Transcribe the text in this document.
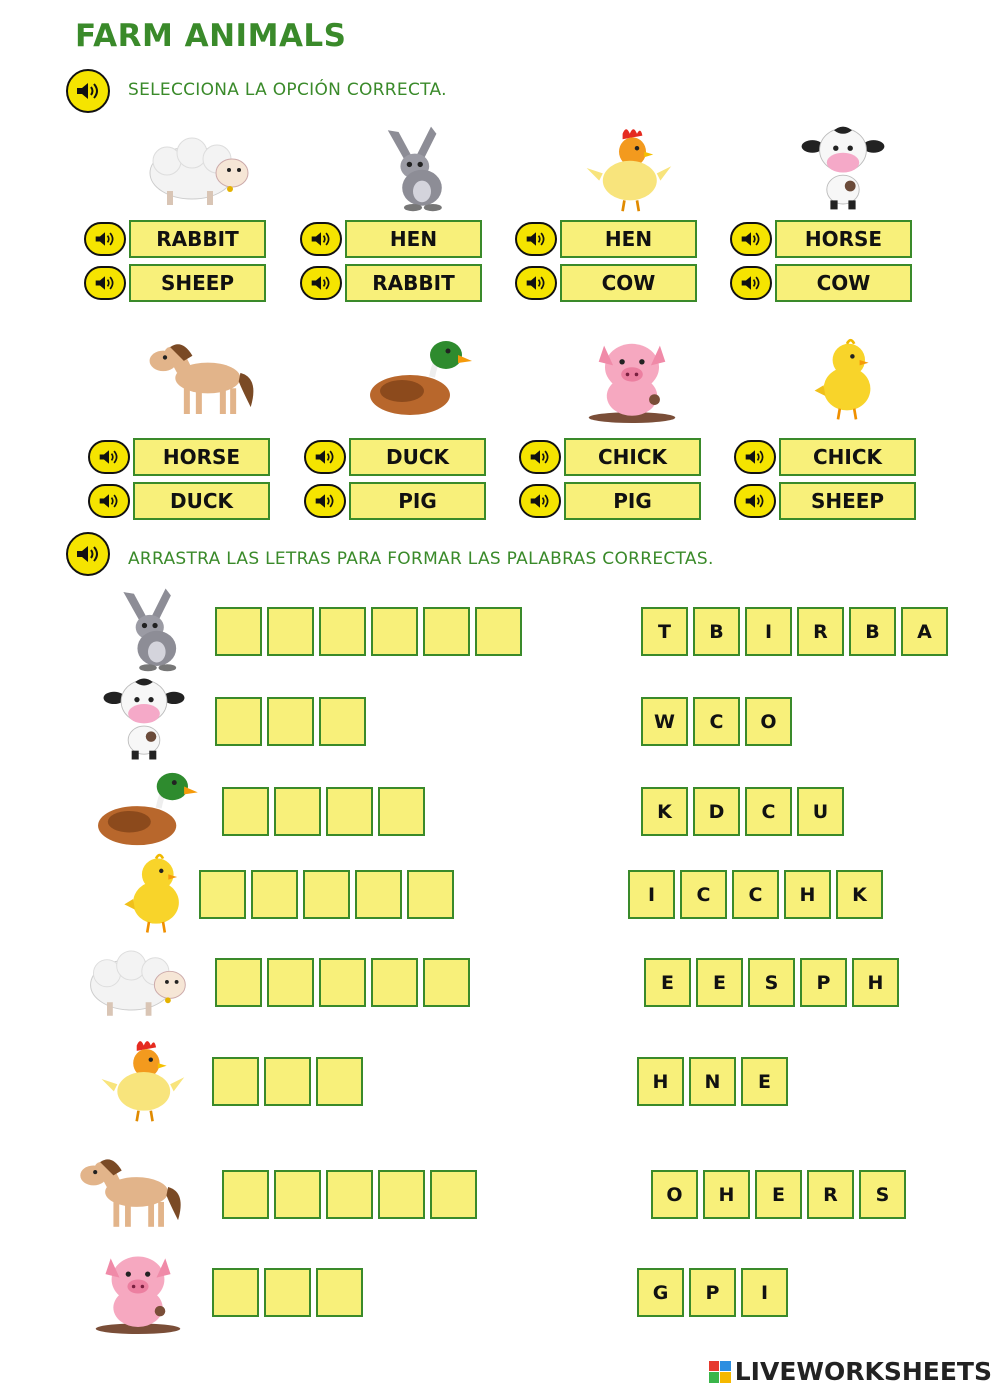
FARM ANIMALS
SELECCIONA LA OPCIÓN CORRECTA.
ARRASTRA LAS LETRAS PARA FORMAR LAS PALABRAS CORRECTAS.
LIVEWORKSHEETS
RABBIT
SHEEP
HEN
RABBIT
HEN
COW
HORSE
COW
HORSE
DUCK
DUCK
PIG
CHICK
PIG
CHICK
SHEEP
T	B	I	R	B	A
W	C	O
K	D	C	U
I	C	C	H	K
E	E	S	P	H
H	N	E
O	H	E	R	S
G	P	I
